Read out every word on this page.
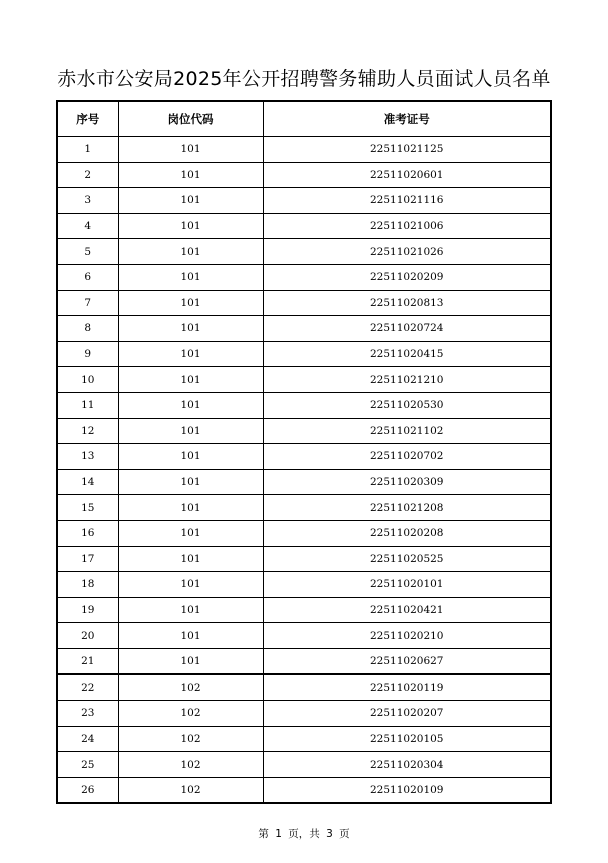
赤水市公安局2025年公开招聘警务辅助人员面试人员名单
序号	岗位代码	准考证号
1	101	22511021125
2	101	22511020601
3	101	22511021116
4	101	22511021006
5	101	22511021026
6	101	22511020209
7	101	22511020813
8	101	22511020724
9	101	22511020415
10	101	22511021210
11	101	22511020530
12	101	22511021102
13	101	22511020702
14	101	22511020309
15	101	22511021208
16	101	22511020208
17	101	22511020525
18	101	22511020101
19	101	22511020421
20	101	22511020210
21	101	22511020627
22	102	22511020119
23	102	22511020207
24	102	22511020105
25	102	22511020304
26	102	22511020109
第 1 页，共 3 页
